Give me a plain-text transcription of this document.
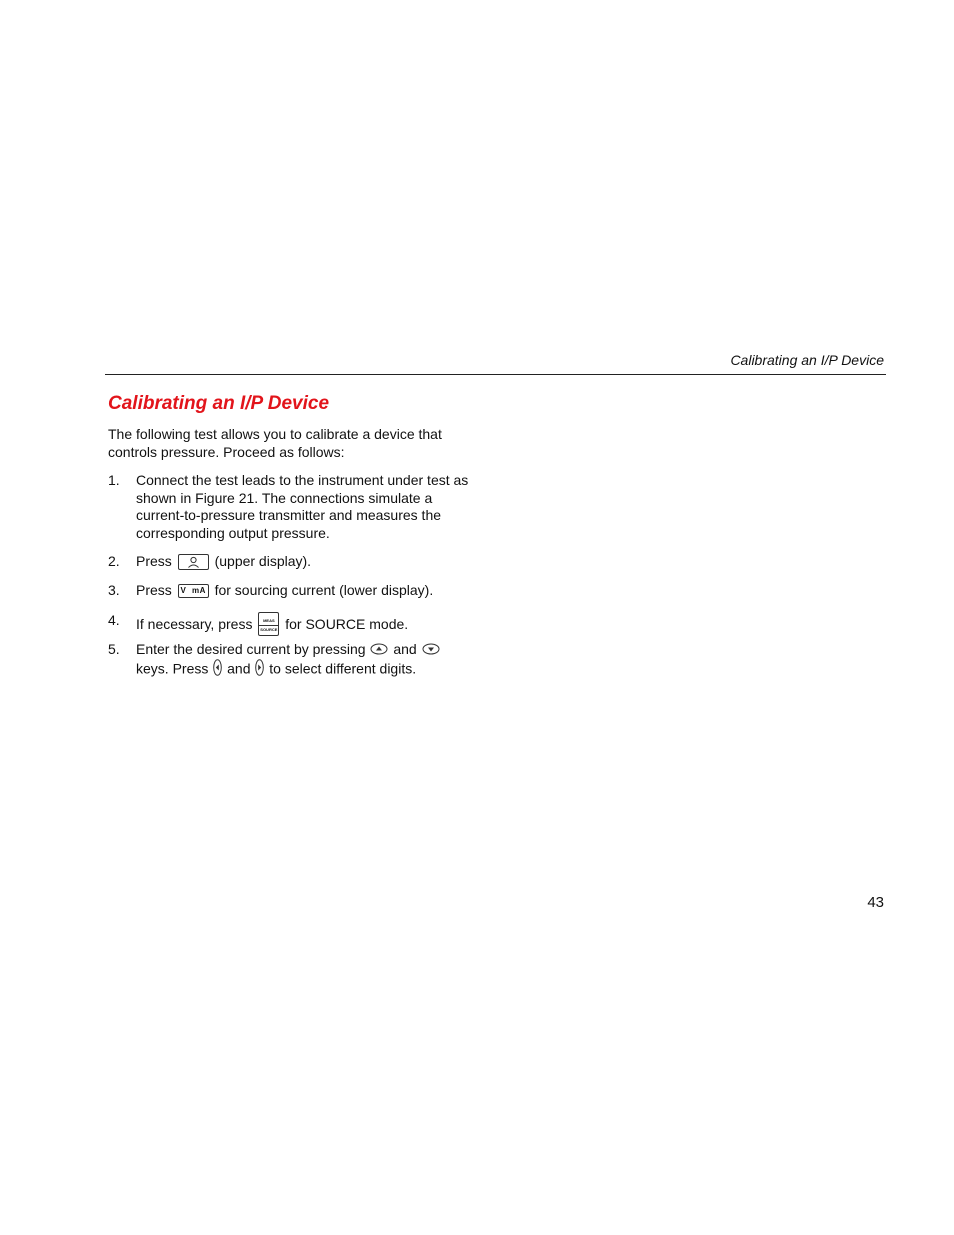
Calibrating an I/P Device
Calibrating an I/P Device
The following test allows you to calibrate a device that
controls pressure. Proceed as follows:
1. Connect the test leads to the instrument under test as
shown in Figure 21. The connections simulate a
current-to-pressure transmitter and measures the
corresponding output pressure.
2. Press	(upper display).
3. Press V mA for sourcing current (lower display).
4. If necessary, press	MEAS
SOURCE for SOURCE mode.
5. Enter the desired current by pressing and
keys. Press and to select different digits.
43
